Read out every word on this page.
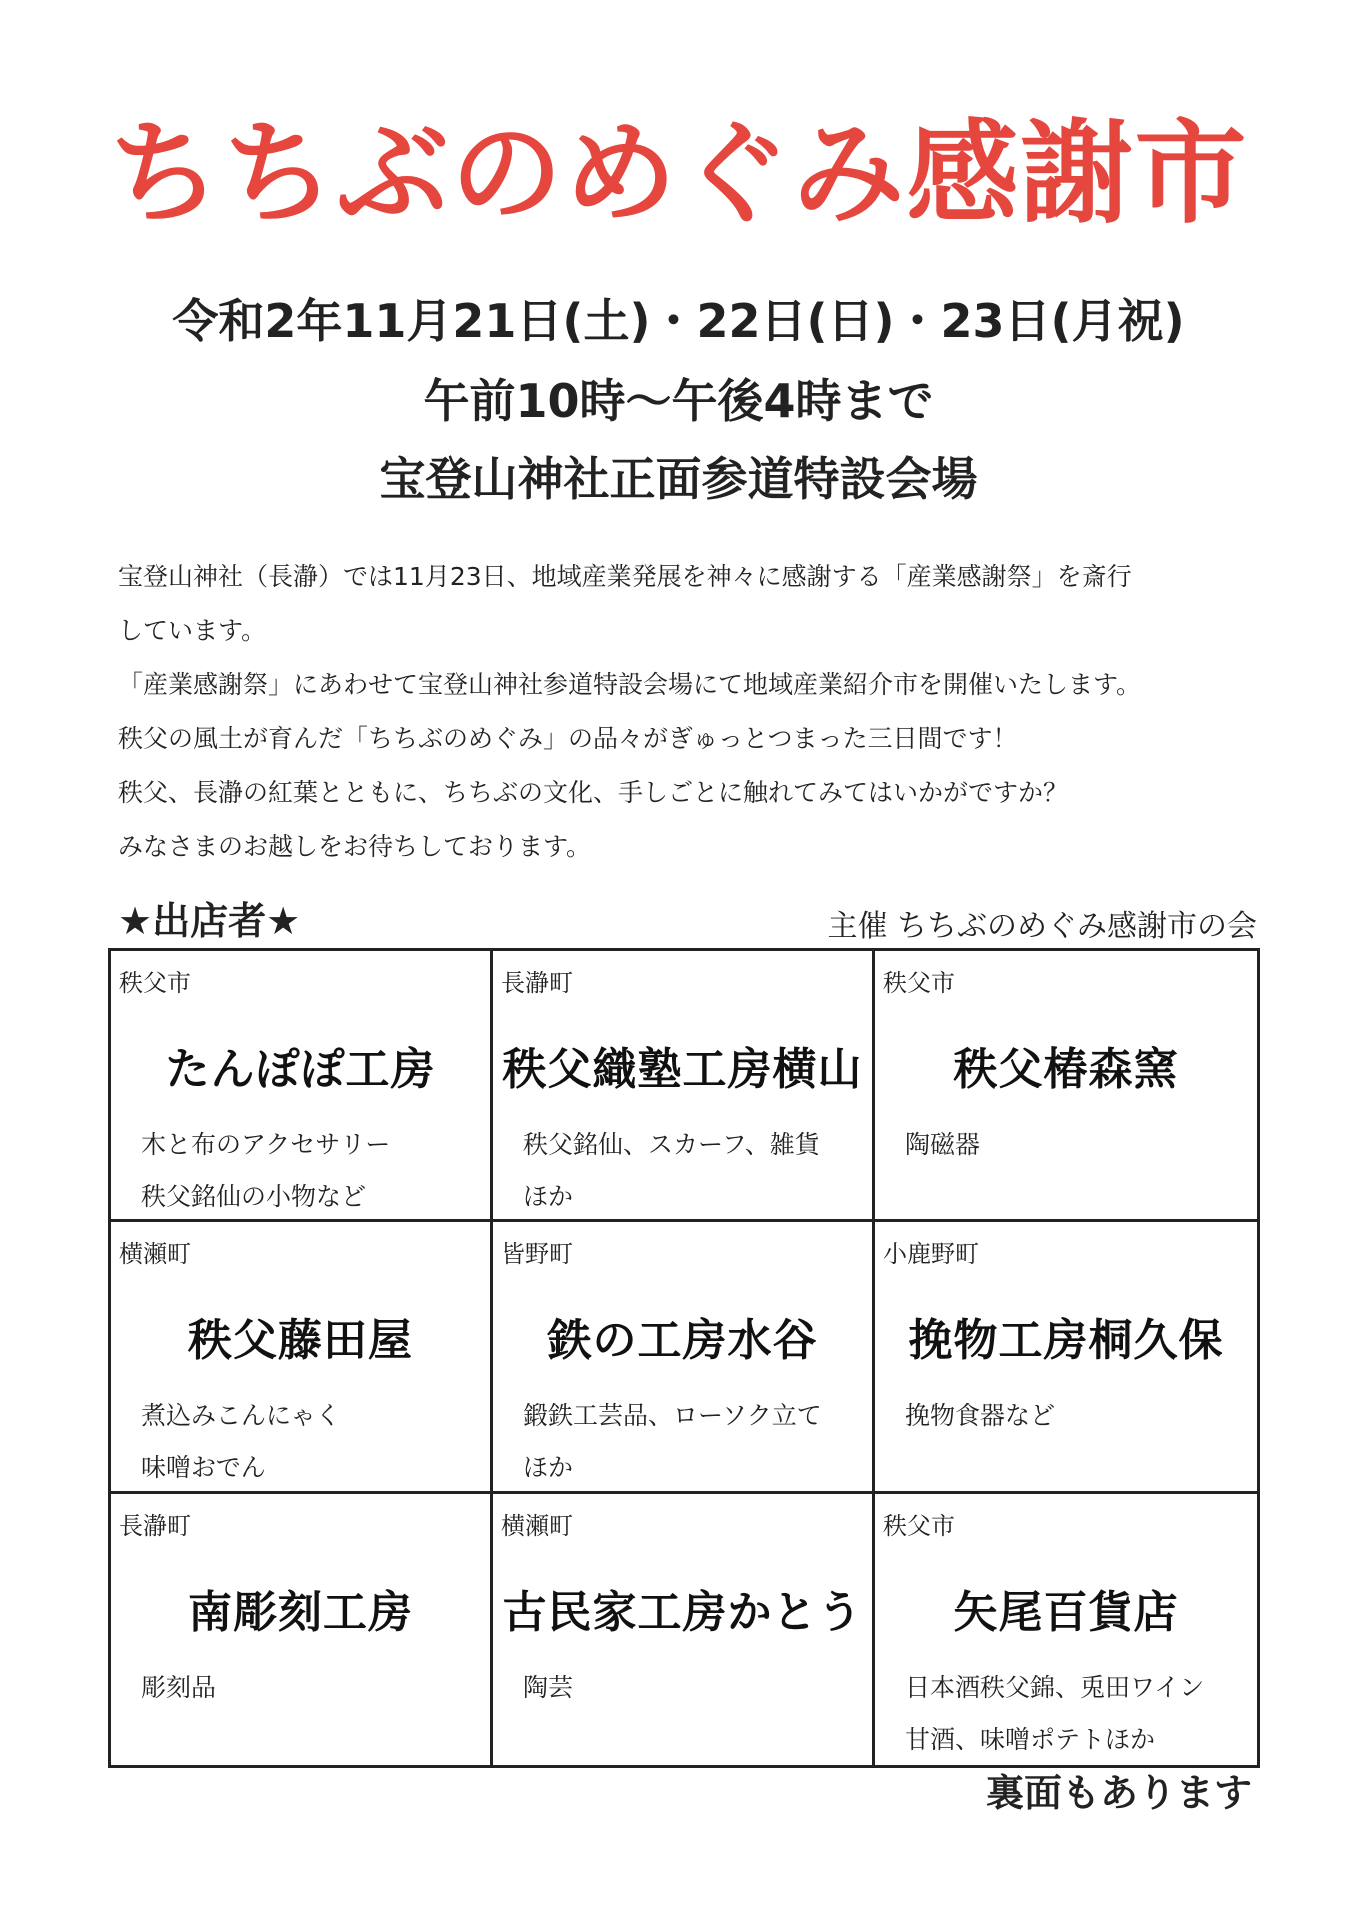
ちちぶのめぐみ感謝市
令和2年11月21日(土)・22日(日)・23日(月祝)
午前10時～午後4時まで
宝登山神社正面参道特設会場

宝登山神社（長瀞）では11月23日、地域産業発展を神々に感謝する「産業感謝祭」を斎行

しています。

「産業感謝祭」にあわせて宝登山神社参道特設会場にて地域産業紹介市を開催いたします。

秩父の風土が育んだ「ちちぶのめぐみ」の品々がぎゅっとつまった三日間です！

秩父、長瀞の紅葉とともに、ちちぶの文化、手しごとに触れてみてはいかがですか？

みなさまのお越しをお待ちしております。

★出店者★	主催 ちちぶのめぐみ感謝市の会
秩父市
たんぽぽ工房
木と布のアクセサリー
秩父銘仙の小物など
長瀞町
秩父織塾工房横山
秩父銘仙、スカーフ、雑貨
ほか
秩父市
秩父椿森窯
陶磁器
横瀬町
秩父藤田屋
煮込みこんにゃく
味噌おでん
皆野町
鉄の工房水谷
鍛鉄工芸品、ローソク立て
ほか
小鹿野町
挽物工房桐久保
挽物食器など
長瀞町
南彫刻工房
彫刻品
横瀬町
古民家工房かとう
陶芸
秩父市
矢尾百貨店
日本酒秩父錦、兎田ワイン
甘酒、味噌ポテトほか
裏面もあります
